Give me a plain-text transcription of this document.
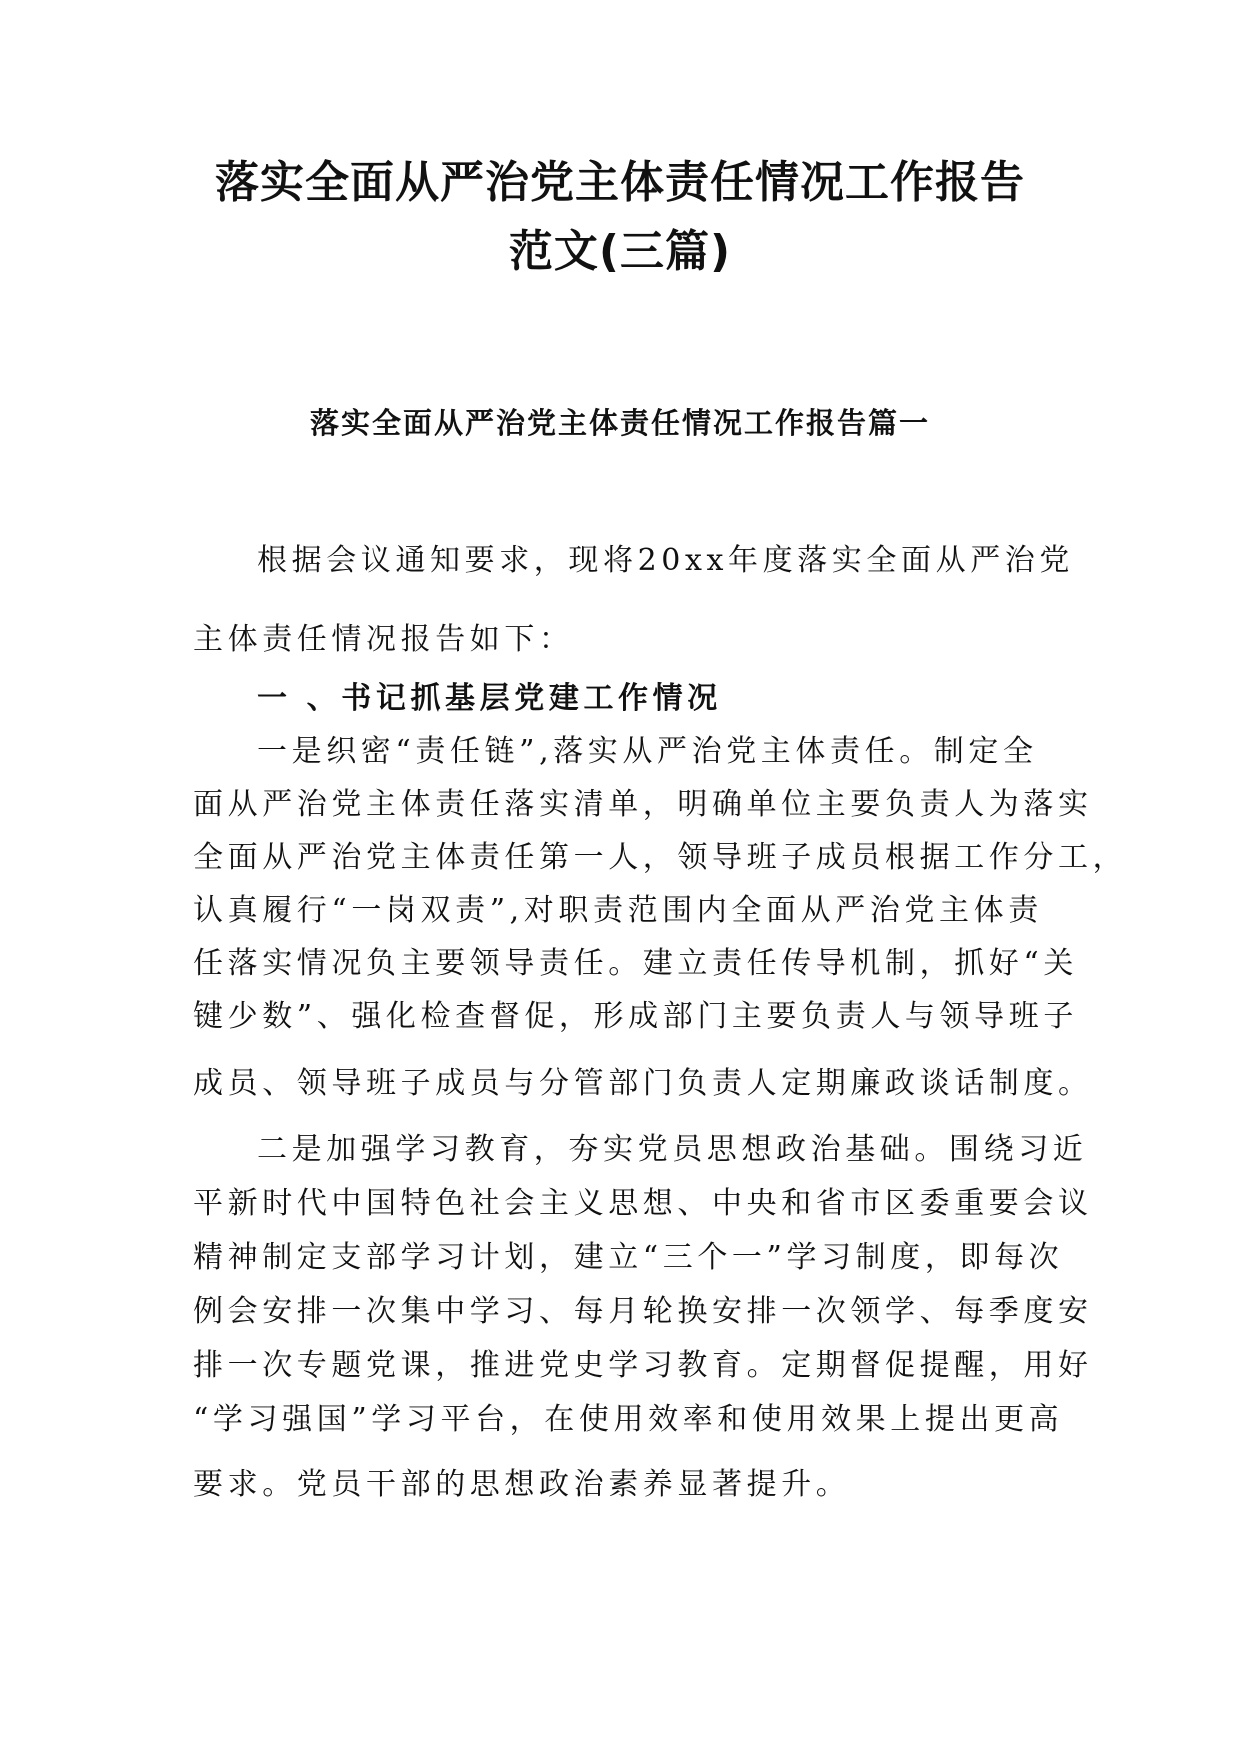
落实全面从严治党主体责任情况工作报告
范文(三篇)
落实全面从严治党主体责任情况工作报告篇一
根据会议通知要求，现将20xx年度落实全面从严治党
主体责任情况报告如下：
一 、书记抓基层党建工作情况
一是织密“责任链”,落实从严治党主体责任。制定全
面从严治党主体责任落实清单，明确单位主要负责人为落实
全面从严治党主体责任第一人，领导班子成员根据工作分工，
认真履行“一岗双责”,对职责范围内全面从严治党主体责
任落实情况负主要领导责任。建立责任传导机制，抓好“关
键少数”、强化检查督促，形成部门主要负责人与领导班子
成员、领导班子成员与分管部门负责人定期廉政谈话制度。
二是加强学习教育，夯实党员思想政治基础。围绕习近
平新时代中国特色社会主义思想、中央和省市区委重要会议
精神制定支部学习计划，建立“三个一”学习制度，即每次
例会安排一次集中学习、每月轮换安排一次领学、每季度安
排一次专题党课，推进党史学习教育。定期督促提醒，用好
“学习强国”学习平台，在使用效率和使用效果上提出更高
要求。党员干部的思想政治素养显著提升。
